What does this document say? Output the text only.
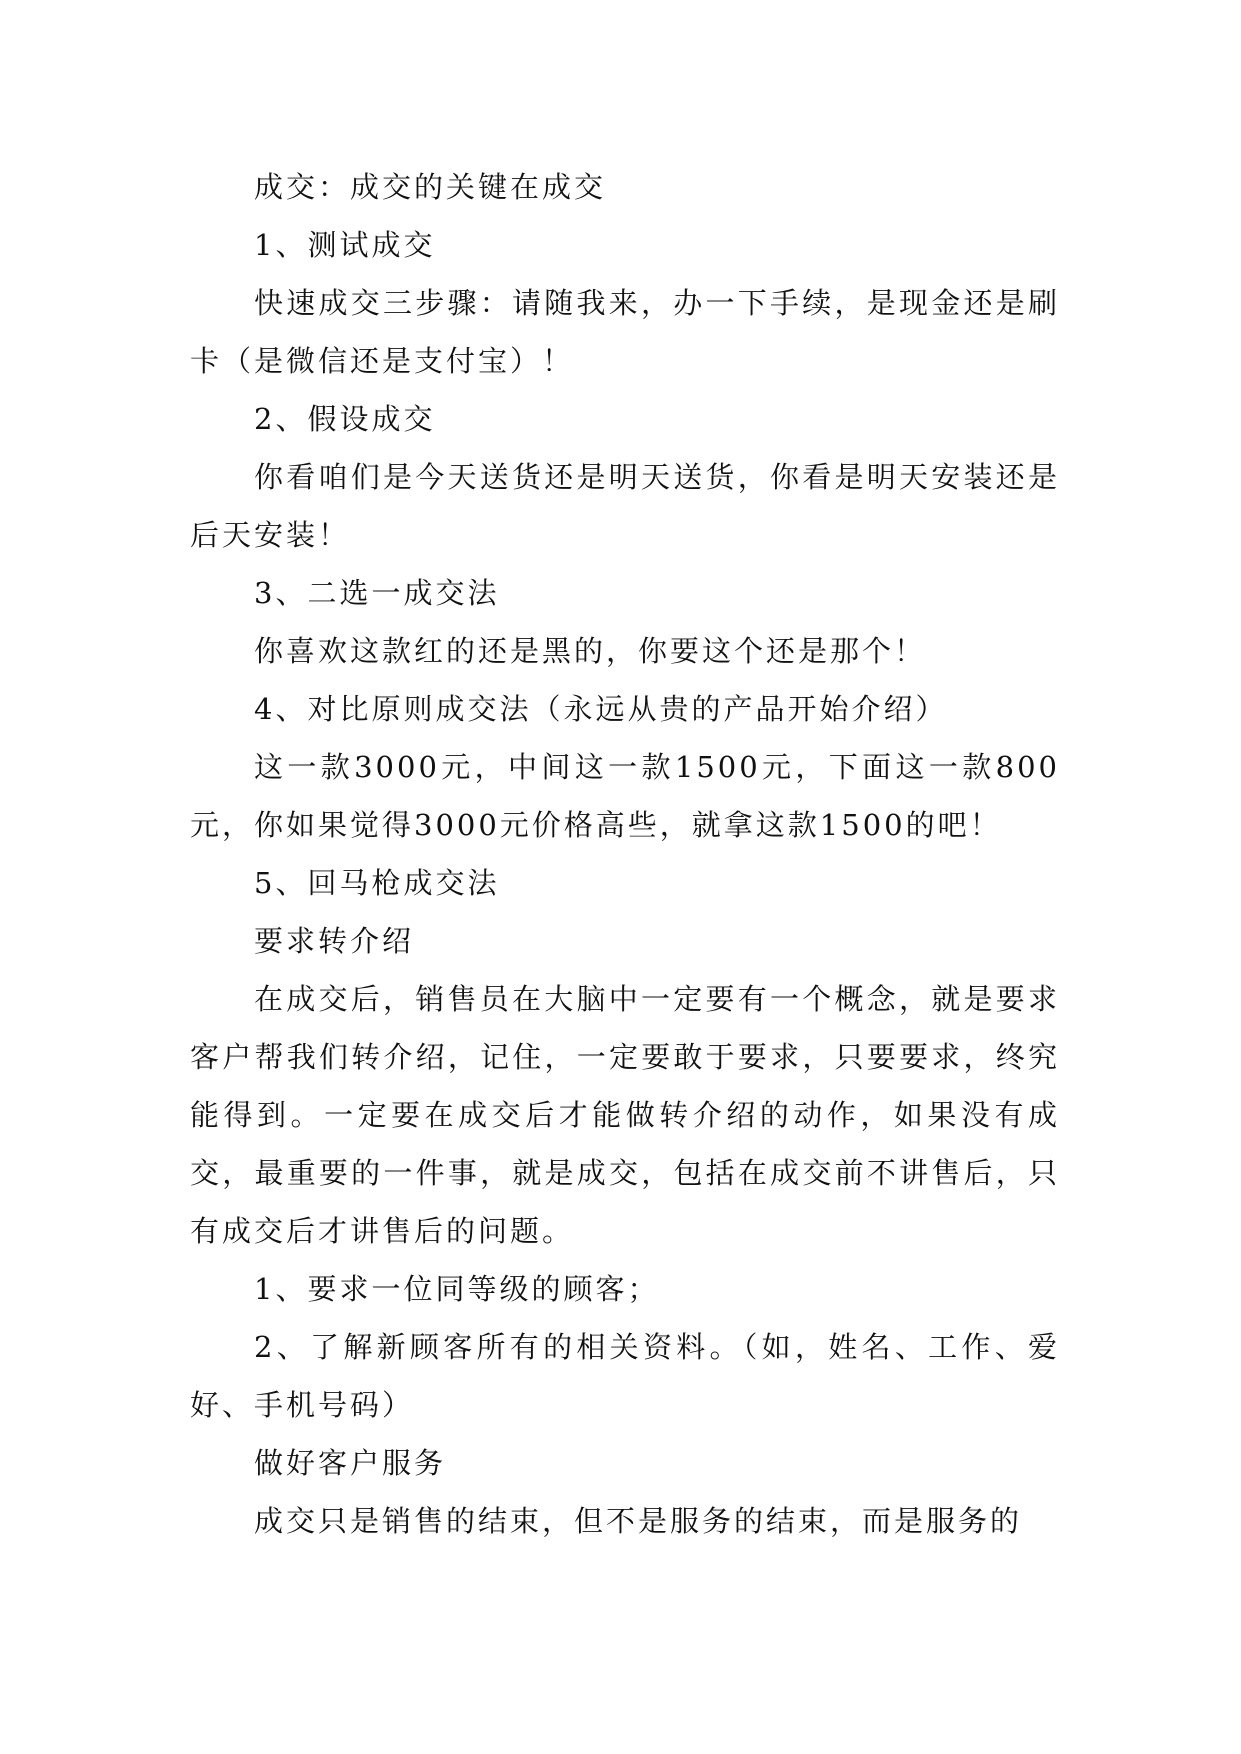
成交：成交的关键在成交

1、测试成交

快速成交三步骤：请随我来，办一下手续，是现金还是刷卡（是微信还是支付宝）！

2、假设成交

你看咱们是今天送货还是明天送货，你看是明天安装还是后天安装！

3、二选一成交法

你喜欢这款红的还是黑的，你要这个还是那个！

4、对比原则成交法（永远从贵的产品开始介绍）

这一款3000元，中间这一款1500元，下面这一款800元，你如果觉得3000元价格高些，就拿这款1500的吧！

5、回马枪成交法

要求转介绍

在成交后，销售员在大脑中一定要有一个概念，就是要求客户帮我们转介绍，记住，一定要敢于要求，只要要求，终究能得到。一定要在成交后才能做转介绍的动作，如果没有成交，最重要的一件事，就是成交，包括在成交前不讲售后，只有成交后才讲售后的问题。

1、要求一位同等级的顾客；

2、了解新顾客所有的相关资料。（如，姓名、工作、爱好、手机号码）

做好客户服务

成交只是销售的结束，但不是服务的结束，而是服务的
